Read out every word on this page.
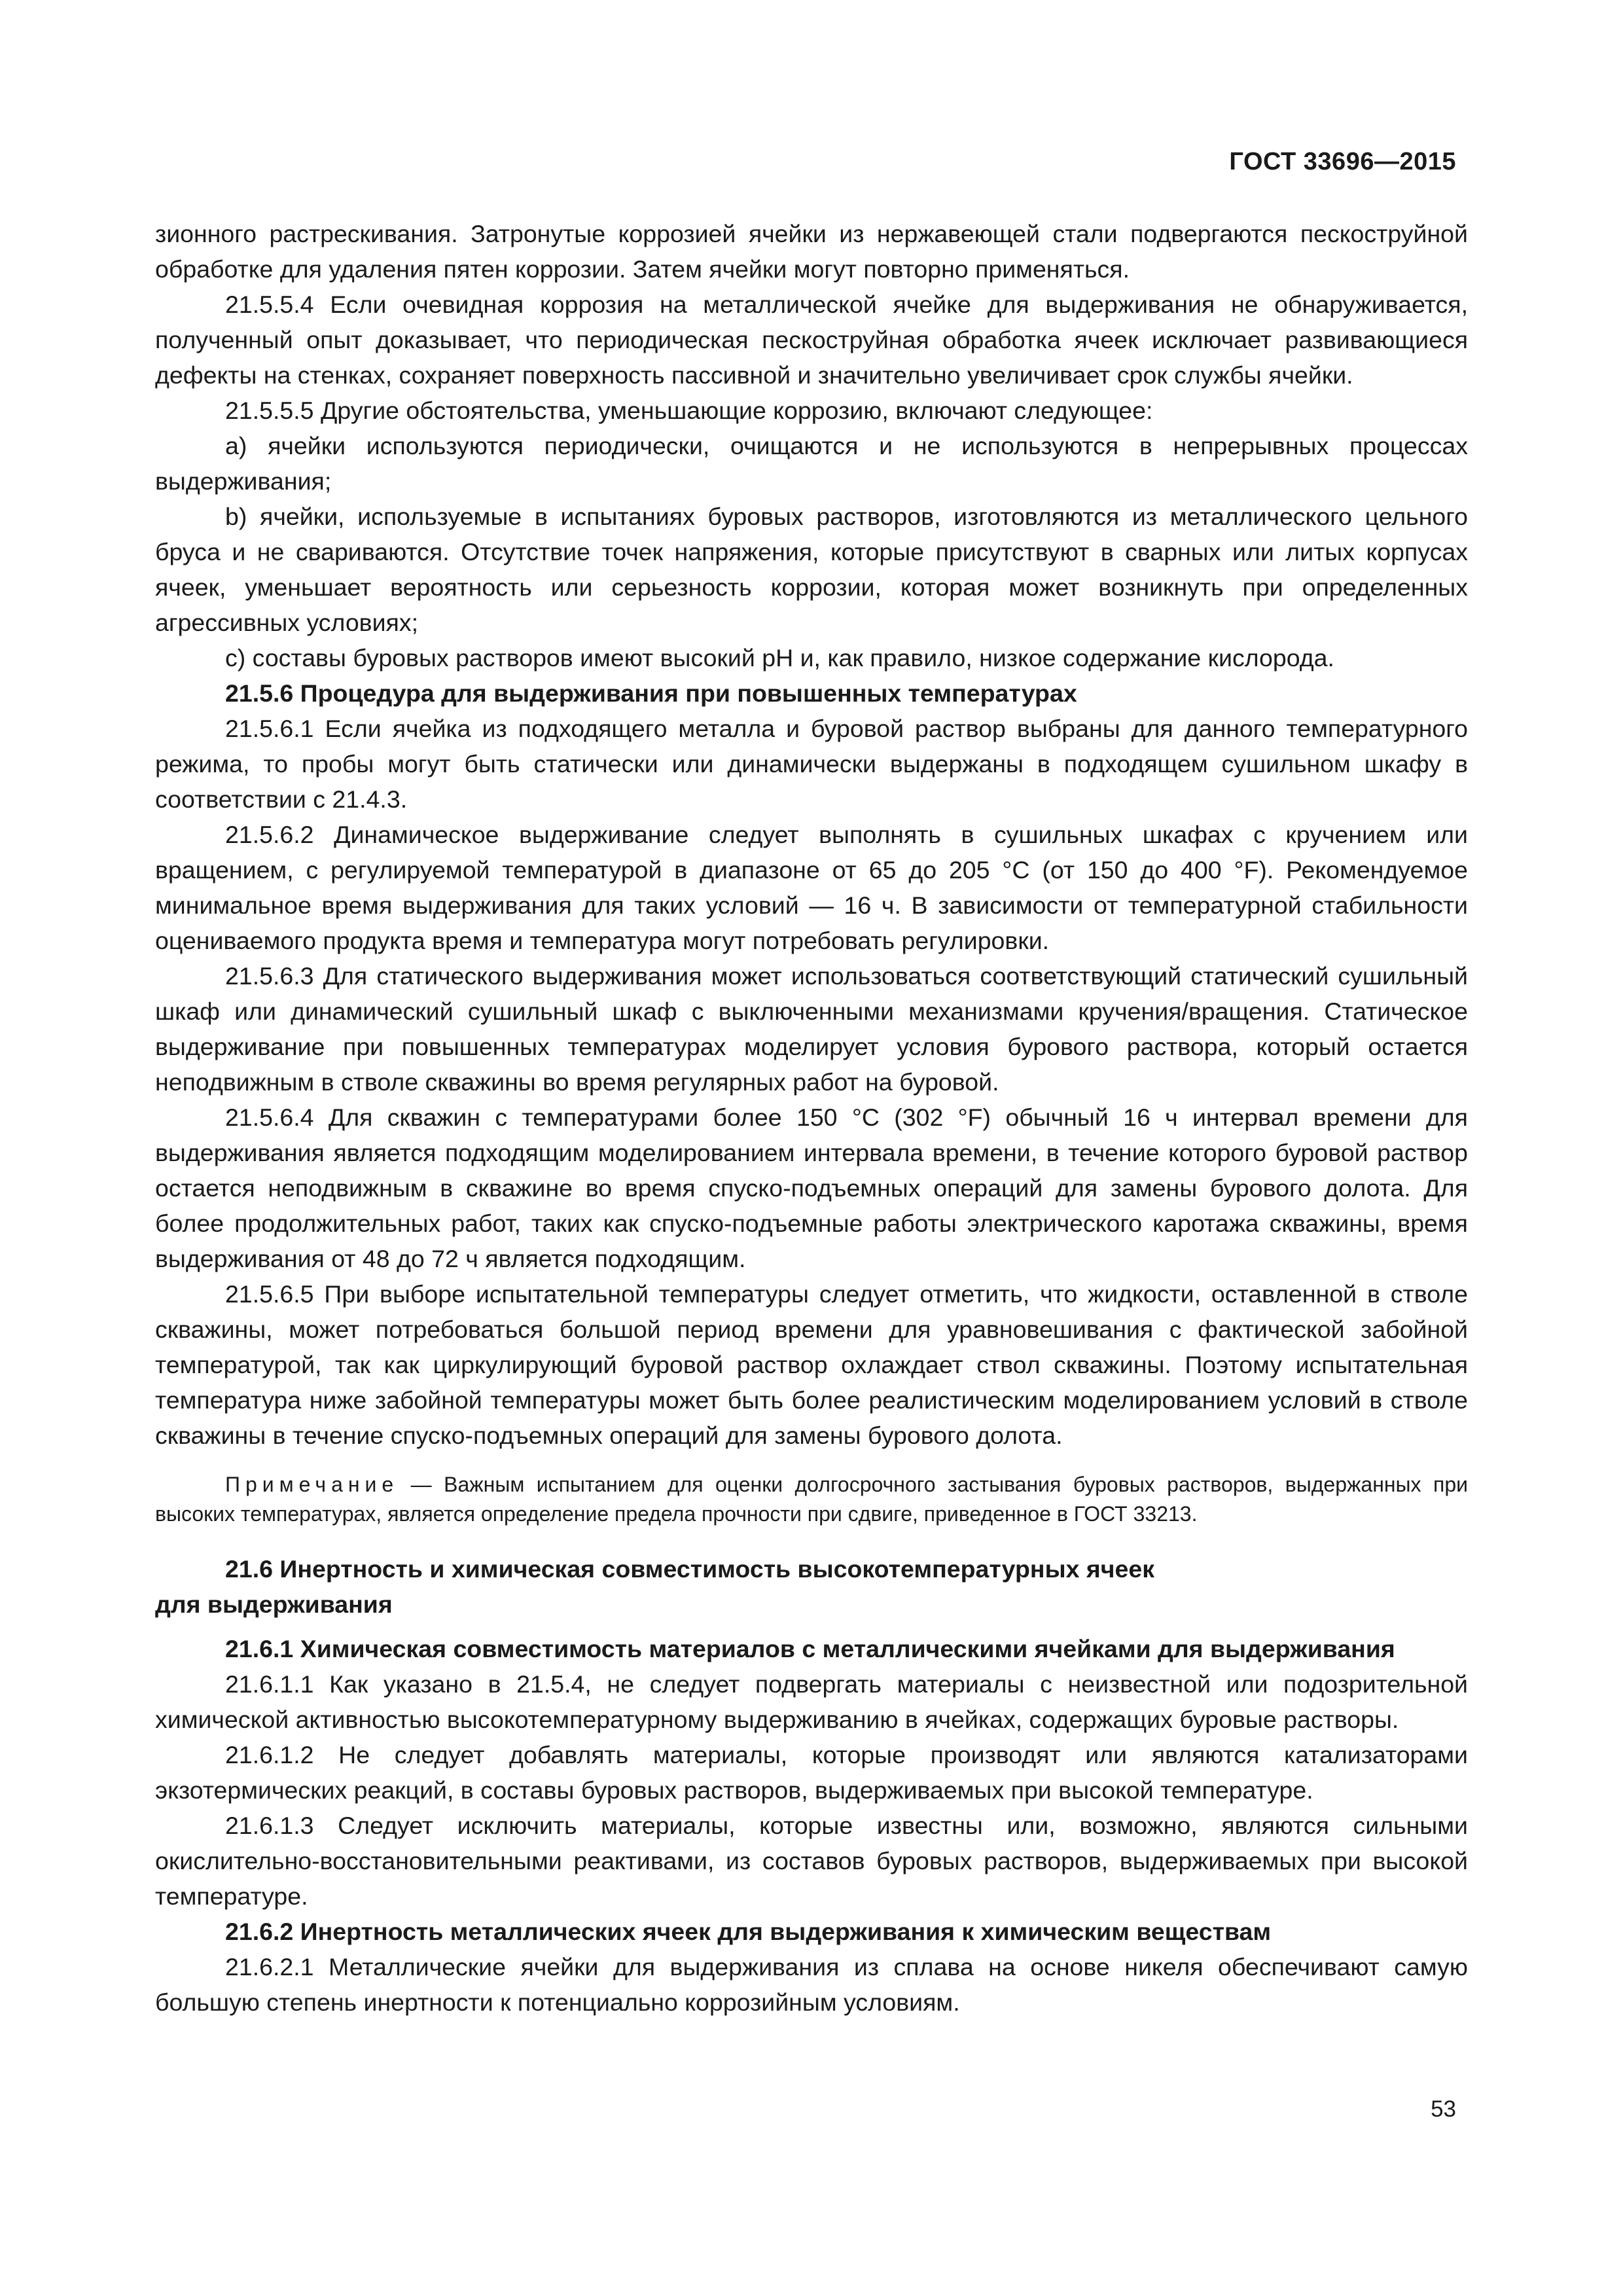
ГОСТ 33696—2015

зионного растрескивания. Затронутые коррозией ячейки из нержавеющей стали подвергаются пескоструйной обработке для удаления пятен коррозии. Затем ячейки могут повторно применяться.

21.5.5.4 Если очевидная коррозия на металлической ячейке для выдерживания не обнаруживается, полученный опыт доказывает, что периодическая пескоструйная обработка ячеек исключает развивающиеся дефекты на стенках, сохраняет поверхность пассивной и значительно увеличивает срок службы ячейки.

21.5.5.5 Другие обстоятельства, уменьшающие коррозию, включают следующее:

а) ячейки используются периодически, очищаются и не используются в непрерывных процессах выдерживания;

b) ячейки, используемые в испытаниях буровых растворов, изготовляются из металлического цельного бруса и не свариваются. Отсутствие точек напряжения, которые присутствуют в сварных или литых корпусах ячеек, уменьшает вероятность или серьезность коррозии, которая может возникнуть при определенных агрессивных условиях;

с) составы буровых растворов имеют высокий pH и, как правило, низкое содержание кислорода.

21.5.6 Процедура для выдерживания при повышенных температурах

21.5.6.1 Если ячейка из подходящего металла и буровой раствор выбраны для данного температурного режима, то пробы могут быть статически или динамически выдержаны в подходящем сушильном шкафу в соответствии с 21.4.3.

21.5.6.2 Динамическое выдерживание следует выполнять в сушильных шкафах с кручением или вращением, с регулируемой температурой в диапазоне от 65 до 205 °С (от 150 до 400 °F). Рекомендуемое минимальное время выдерживания для таких условий — 16 ч. В зависимости от температурной стабильности оцениваемого продукта время и температура могут потребовать регулировки.

21.5.6.3 Для статического выдерживания может использоваться соответствующий статический сушильный шкаф или динамический сушильный шкаф с выключенными механизмами кручения/вращения. Статическое выдерживание при повышенных температурах моделирует условия бурового раствора, который остается неподвижным в стволе скважины во время регулярных работ на буровой.

21.5.6.4 Для скважин с температурами более 150 °С (302 °F) обычный 16 ч интервал времени для выдерживания является подходящим моделированием интервала времени, в течение которого буровой раствор остается неподвижным в скважине во время спуско-подъемных операций для замены бурового долота. Для более продолжительных работ, таких как спуско-подъемные работы электрического каротажа скважины, время выдерживания от 48 до 72 ч является подходящим.

21.5.6.5 При выборе испытательной температуры следует отметить, что жидкости, оставленной в стволе скважины, может потребоваться большой период времени для уравновешивания с фактической забойной температурой, так как циркулирующий буровой раствор охлаждает ствол скважины. Поэтому испытательная температура ниже забойной температуры может быть более реалистическим моделированием условий в стволе скважины в течение спуско-подъемных операций для замены бурового долота.

Примечание — Важным испытанием для оценки долгосрочного застывания буровых растворов, выдержанных при высоких температурах, является определение предела прочности при сдвиге, приведенное в ГОСТ 33213.

21.6 Инертность и химическая совместимость высокотемпературных ячеек
для выдерживания

21.6.1 Химическая совместимость материалов с металлическими ячейками для выдерживания

21.6.1.1 Как указано в 21.5.4, не следует подвергать материалы с неизвестной или подозрительной химической активностью высокотемпературному выдерживанию в ячейках, содержащих буровые растворы.

21.6.1.2 Не следует добавлять материалы, которые производят или являются катализаторами экзотермических реакций, в составы буровых растворов, выдерживаемых при высокой температуре.

21.6.1.3 Следует исключить материалы, которые известны или, возможно, являются сильными окислительно-восстановительными реактивами, из составов буровых растворов, выдерживаемых при высокой температуре.

21.6.2 Инертность металлических ячеек для выдерживания к химическим веществам

21.6.2.1 Металлические ячейки для выдерживания из сплава на основе никеля обеспечивают самую большую степень инертности к потенциально коррозийным условиям.

53
